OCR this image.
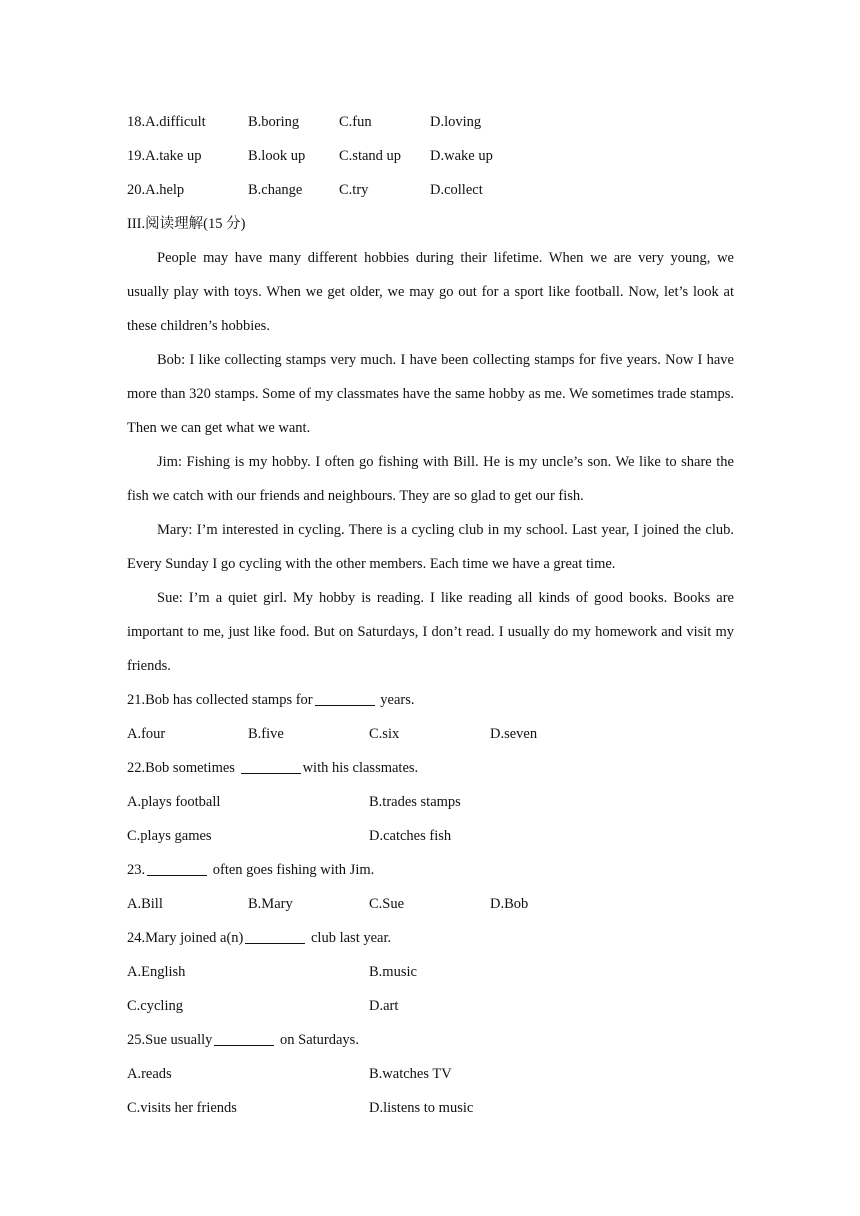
18.A.difficult	B.boring	C.fun	D.loving
19.A.take up	B.look up	C.stand up	D.wake up
20.A.help	B.change	C.try	D.collect
III.阅读理解(15 分)

People may have many different hobbies during their lifetime. When we are very young, we usually play with toys. When we get older, we may go out for a sport like football. Now, let’s look at these children’s hobbies.

Bob: I like collecting stamps very much. I have been collecting stamps for five years. Now I have more than 320 stamps. Some of my classmates have the same hobby as me. We sometimes trade stamps. Then we can get what we want.

Jim: Fishing is my hobby. I often go fishing with Bill. He is my uncle’s son. We like to share the fish we catch with our friends and neighbours. They are so glad to get our fish.

Mary: I’m interested in cycling. There is a cycling club in my school. Last year, I joined the club. Every Sunday I go cycling with the other members. Each time we have a great time.

Sue: I’m a quiet girl. My hobby is reading. I like reading all kinds of good books. Books are important to me, just like food. But on Saturdays, I don’t read. I usually do my homework and visit my friends.

21.Bob has collected stamps for	years.
A.four	B.five	C.six	D.seven
22.Bob sometimes	with his classmates.
A.plays football	B.trades stamps
C.plays games	D.catches fish
23.	often goes fishing with Jim.
A.Bill	B.Mary	C.Sue	D.Bob
24.Mary joined a(n)	club last year.
A.English	B.music
C.cycling	D.art
25.Sue usually	on Saturdays.
A.reads	B.watches TV
C.visits her friends	D.listens to music
